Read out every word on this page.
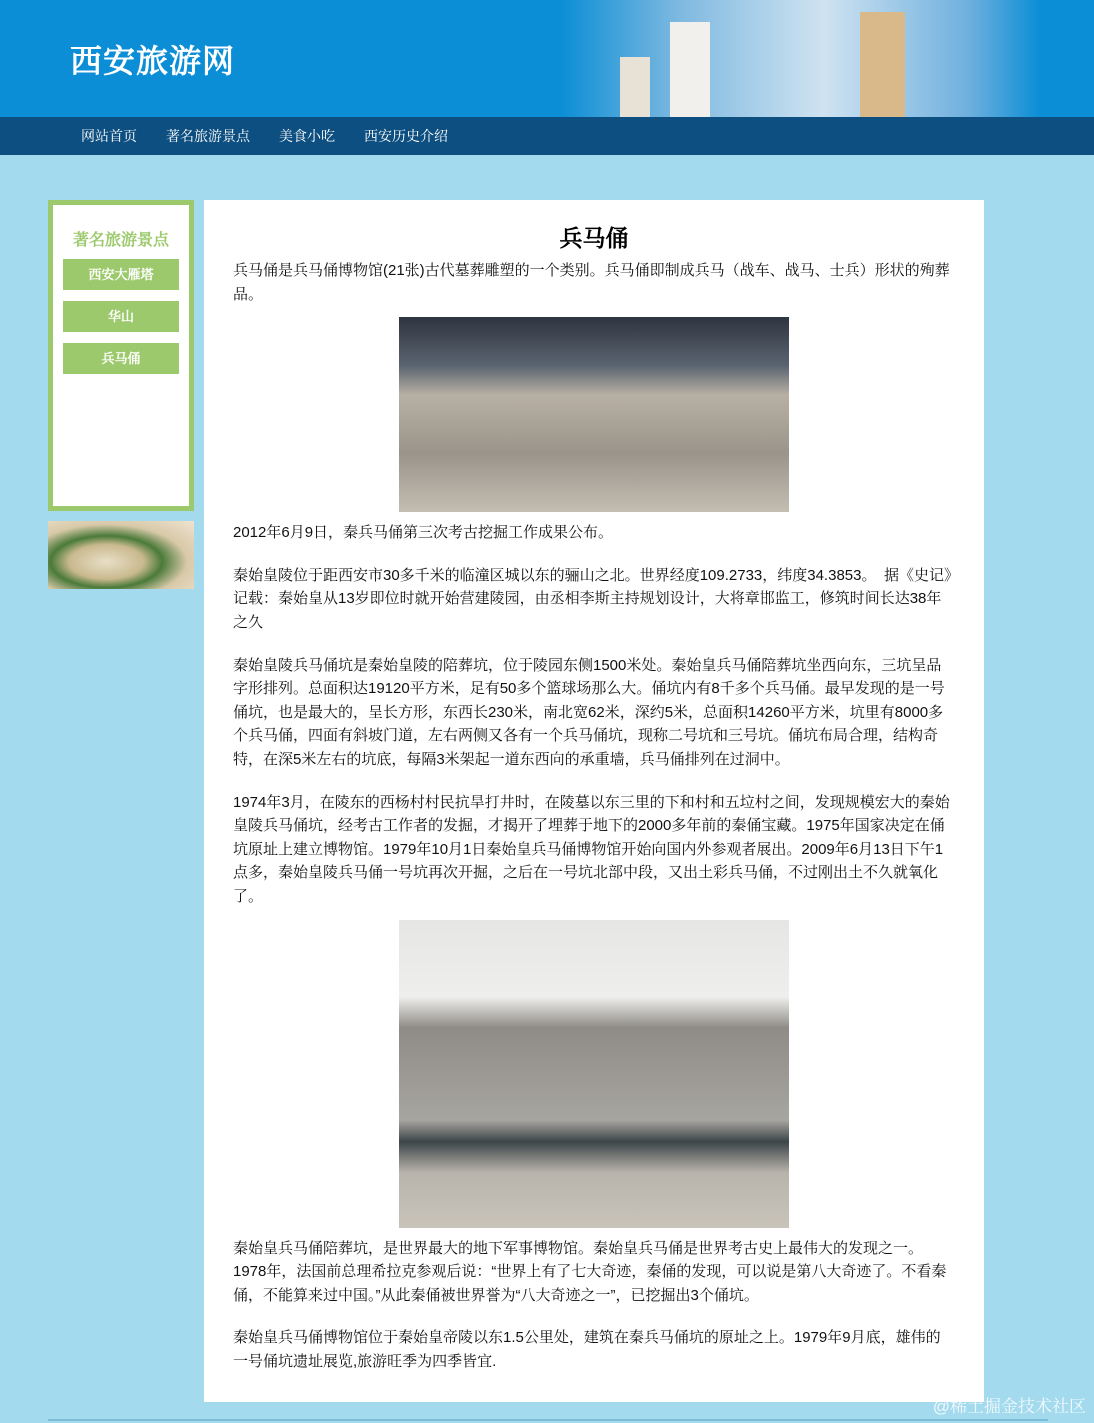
西安旅游网
网站首页 著名旅游景点 美食小吃 西安历史介绍
著名旅游景点
西安大雁塔
华山
兵马俑
兵马俑

兵马俑是兵马俑博物馆(21张)古代墓葬雕塑的一个类别。兵马俑即制成兵马（战车、战马、士兵）形状的殉葬品。

2012年6月9日，秦兵马俑第三次考古挖掘工作成果公布。

秦始皇陵位于距西安市30多千米的临潼区城以东的骊山之北。世界经度109.2733，纬度34.3853。　据《史记》记载：秦始皇从13岁即位时就开始营建陵园，由丞相李斯主持规划设计，大将章邯监工，修筑时间长达38年之久

秦始皇陵兵马俑坑是秦始皇陵的陪葬坑，位于陵园东侧1500米处。秦始皇兵马俑陪葬坑坐西向东，三坑呈品字形排列。总面积达19120平方米，足有50多个篮球场那么大。俑坑内有8千多个兵马俑。最早发现的是一号俑坑，也是最大的，呈长方形，东西长230米，南北宽62米，深约5米，总面积14260平方米，坑里有8000多个兵马俑，四面有斜坡门道，左右两侧又各有一个兵马俑坑，现称二号坑和三号坑。俑坑布局合理，结构奇特，在深5米左右的坑底，每隔3米架起一道东西向的承重墙，兵马俑排列在过洞中。

1974年3月，在陵东的西杨村村民抗旱打井时，在陵墓以东三里的下和村和五垃村之间，发现规模宏大的秦始皇陵兵马俑坑，经考古工作者的发掘，才揭开了埋葬于地下的2000多年前的秦俑宝藏。1975年国家决定在俑坑原址上建立博物馆。1979年10月1日秦始皇兵马俑博物馆开始向国内外参观者展出。2009年6月13日下午1点多，秦始皇陵兵马俑一号坑再次开掘，之后在一号坑北部中段，又出土彩兵马俑，不过刚出土不久就氧化了。

秦始皇兵马俑陪葬坑，是世界最大的地下军事博物馆。秦始皇兵马俑是世界考古史上最伟大的发现之一。1978年，法国前总理希拉克参观后说：“世界上有了七大奇迹，秦俑的发现，可以说是第八大奇迹了。不看秦俑，不能算来过中国。”从此秦俑被世界誉为“八大奇迹之一”，已挖掘出3个俑坑。

秦始皇兵马俑博物馆位于秦始皇帝陵以东1.5公里处，建筑在秦兵马俑坑的原址之上。1979年9月底，雄伟的一号俑坑遗址展览,旅游旺季为四季皆宜.

@稀土掘金技术社区
